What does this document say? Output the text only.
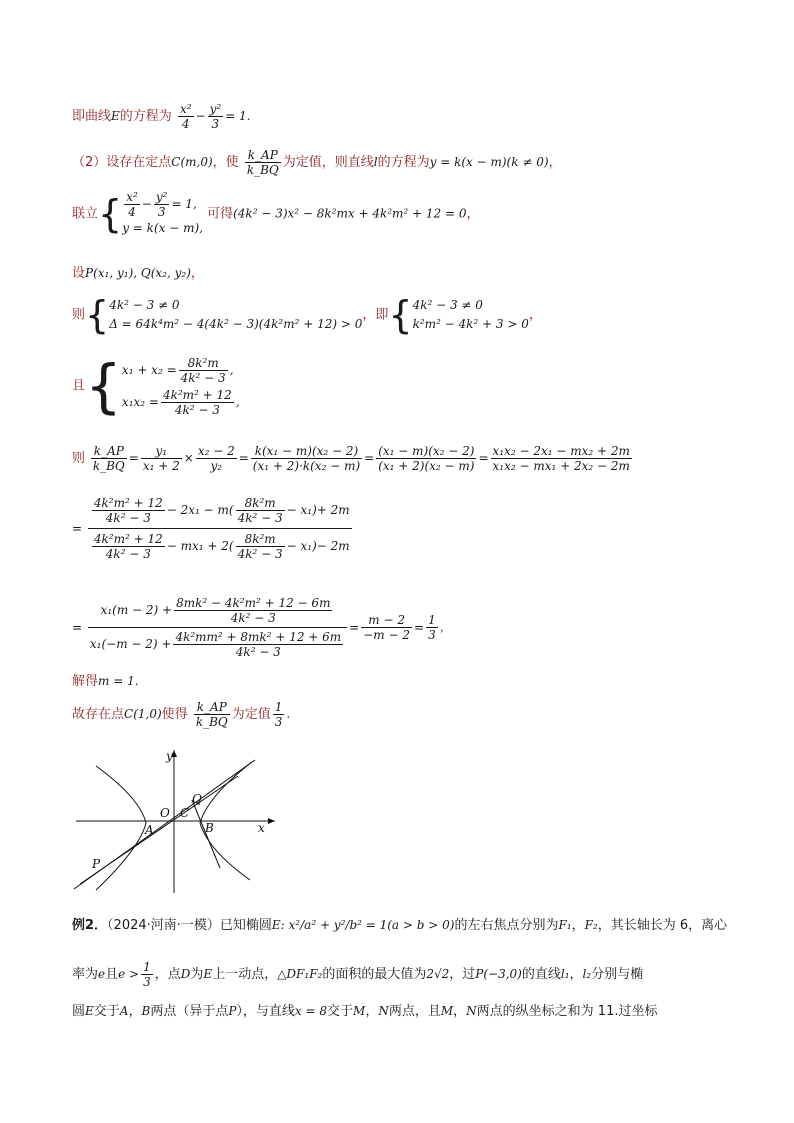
即曲线E的方程为 $\frac{\text{x²}}{4} - \frac{\text{y²}}{3} = 1$.
（2）设存在定点C(m,0)，使 $\frac{k\_AP}{k\_BQ}$ 为定值，则直线l的方程为y = k(x − m)(k ≠ 0)，
联立{ $\frac{\text{x²}}{4} - \frac{\text{y²}}{3} = 1$,
y = k(x − m),
可得(4k² − 3)x² − 8k²mx + 4k²m² + 12 = 0，
设P(x₁, y₁), Q(x₂, y₂)，
则{ 4k² − 3 ≠ 0
Δ = 64k⁴m² − 4(4k² − 3)(4k²m² + 12) > 0
，即{ 4k² − 3 ≠ 0
k²m² − 4k² + 3 > 0
，
且{ $x_1 + x_2 = \frac{\text{8k²m}}{\text{4k² − 3}}$ ,
$x_1x_2 = \frac{\text{4k²m² + 12}}{\text{4k² − 3}}$ ,
则 $\frac{k\_AP}{k\_BQ} = \frac{\text{y₁}}{\text{x₁ + 2}} \times \frac{\text{x₂ − 2}}{\text{y₂}} = \frac{\text{k(x₁ − m)(x₂ − 2)}}{\text{(x₁ + 2)·k(x₂ − m)}} = \frac{\text{(x₁ − m)(x₂ − 2)}}{\text{(x₁ + 2)(x₂ − m)}} = \frac{\text{x₁x₂ − 2x₁ − mx₂ + 2m}}{\text{x₁x₂ − mx₁ + 2x₂ − 2m}}$
= $\frac{\frac{\text{4k²m² + 12}}{\text{4k² − 3}} - 2x_1 - m( \frac{\text{8k²m}}{\text{4k² − 3}} - x_1)+ 2m}{\frac{\text{4k²m² + 12}}{\text{4k² − 3}} - mx_1 + 2( \frac{\text{8k²m}}{\text{4k² − 3}} - x_1)- 2m}$
= $\frac{x_1(m - 2) + \frac{\text{8mk² − 4k²m² + 12 − 6m}}{\text{4k² − 3}}}{x_1(-m - 2) + \frac{\text{4k²mm² + 8mk² + 12 + 6m}}{\text{4k² − 3}}} = \frac{m - 2}{-m - 2} = \frac{1}{3}$ ，
解得m = 1.
故存在点C(1,0)使得 $\frac{k\_AP}{k\_BQ}$ 为定值 $\frac{1}{3}$ .
y
x
O C
Q
A	B
P
例2．（2024·河南·一模）已知椭圆E: x²/a² + y²/b² = 1(a > b > 0)的左右焦点分别为F₁，F₂，其长轴长为 6，离心
率为e且$e > \frac{1}{3}$ ，点D为E上一动点，△DF₁F₂的面积的最大值为2√2，过P(−3,0)的直线l₁，l₂分别与椭
圆E交于A，B两点（异于点P），与直线x = 8交于M，N两点，且M，N两点的纵坐标之和为 11.过坐标
